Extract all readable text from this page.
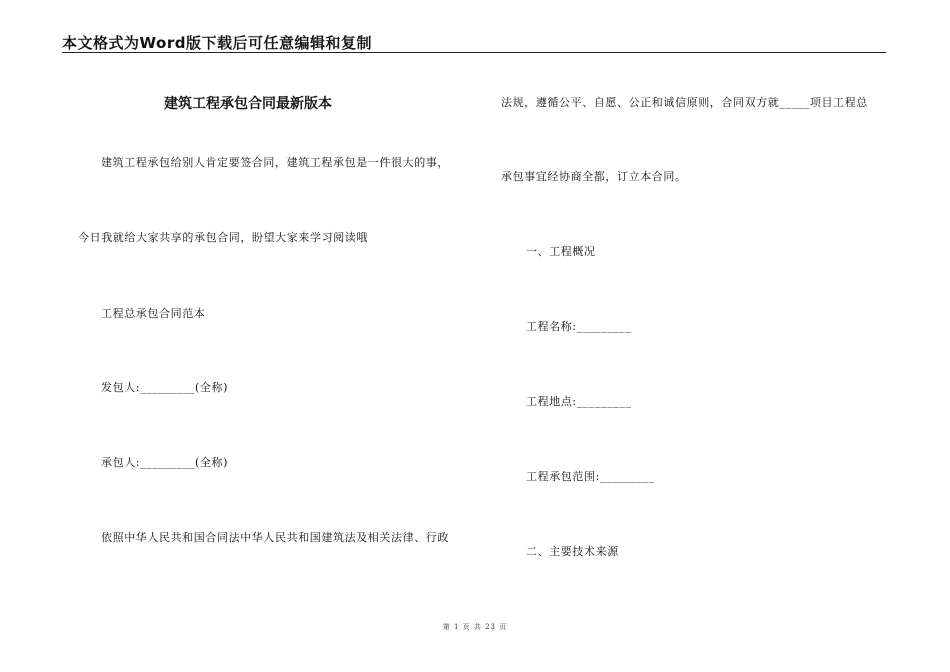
本文格式为Word版下载后可任意编辑和复制
建筑工程承包合同最新版本
建筑工程承包给别人肯定要签合同，建筑工程承包是一件很大的事，
今日我就给大家共享的承包合同，盼望大家来学习阅读哦
工程总承包合同范本
发包人:_________(全称)
承包人:_________(全称)
依照中华人民共和国合同法中华人民共和国建筑法及相关法律、行政
法规，遵循公平、自愿、公正和诚信原则，合同双方就_____项目工程总
承包事宜经协商全都，订立本合同。
一、工程概况
工程名称:_________
工程地点:_________
工程承包范围:_________
二、主要技术来源
第 1 页 共 23 页
